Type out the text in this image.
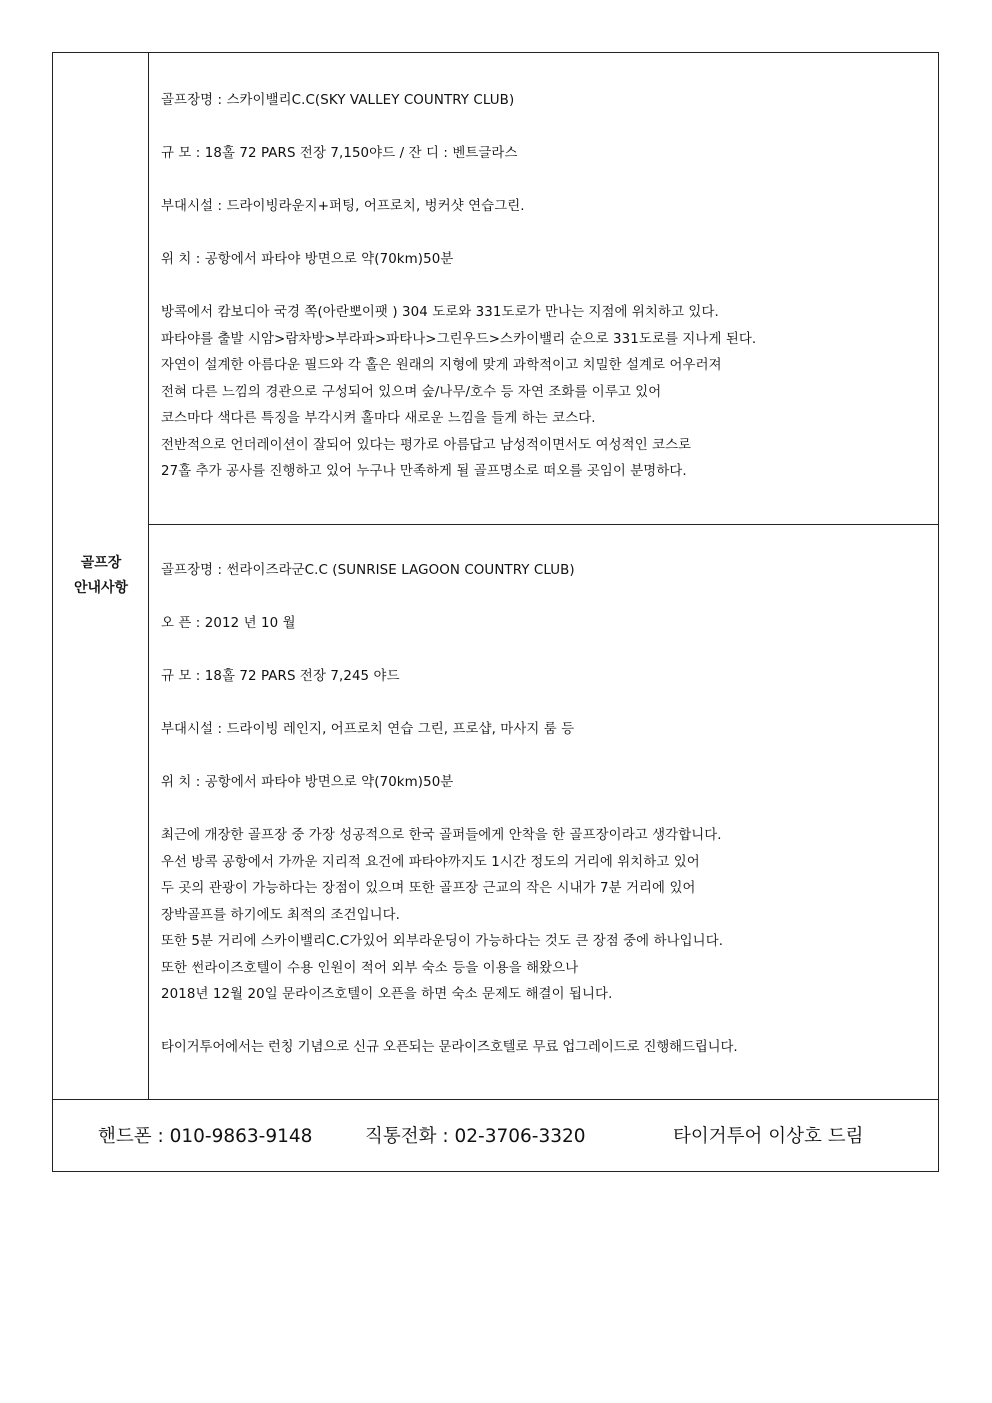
골프장
안내사항
골프장명 : 스카이밸리C.C(SKY VALLEY COUNTRY CLUB)
규 모 : 18홀 72 PARS 전장 7,150야드 / 잔 디 : 벤트글라스
부대시설 : 드라이빙라운지+퍼팅, 어프로치, 벙커샷 연습그린.
위 치 : 공항에서 파타야 방면으로 약(70km)50분
방콕에서 캄보디아 국경 쪽(아란뽀이팻 ) 304 도로와 331도로가 만나는 지점에 위치하고 있다.
파타야를 출발 시암>람차방>부라파>파타나>그린우드>스카이밸리 순으로 331도로를 지나게 된다.
자연이 설계한 아름다운 필드와 각 홀은 원래의 지형에 맞게 과학적이고 치밀한 설계로 어우러져
전혀 다른 느낌의 경관으로 구성되어 있으며 숲/나무/호수 등 자연 조화를 이루고 있어
코스마다 색다른 특징을 부각시켜 홀마다 새로운 느낌을 들게 하는 코스다.
전반적으로 언더레이션이 잘되어 있다는 평가로 아름답고 남성적이면서도 여성적인 코스로
27홀 추가 공사를 진행하고 있어 누구나 만족하게 될 골프명소로 떠오를 곳임이 분명하다.
골프장명 : 썬라이즈라군C.C (SUNRISE LAGOON COUNTRY CLUB)
오 픈 : 2012 년 10 월
규 모 : 18홀 72 PARS 전장 7,245 야드
부대시설 : 드라이빙 레인지, 어프로치 연습 그린, 프로샵, 마사지 룸 등
위 치 : 공항에서 파타야 방면으로 약(70km)50분
최근에 개장한 골프장 중 가장 성공적으로 한국 골퍼들에게 안착을 한 골프장이라고 생각합니다.
우선 방콕 공항에서 가까운 지리적 요건에 파타야까지도 1시간 정도의 거리에 위치하고 있어
두 곳의 관광이 가능하다는 장점이 있으며 또한 골프장 근교의 작은 시내가 7분 거리에 있어
장박골프를 하기에도 최적의 조건입니다.
또한 5분 거리에 스카이밸리C.C가있어 외부라운딩이 가능하다는 것도 큰 장점 중에 하나입니다.
또한 썬라이즈호텔이 수용 인원이 적어 외부 숙소 등을 이용을 해왔으나
2018년 12월 20일 문라이즈호텔이 오픈을 하면 숙소 문제도 해결이 됩니다.
타이거투어에서는 런칭 기념으로 신규 오픈되는 문라이즈호텔로 무료 업그레이드로 진행해드립니다.
핸드폰 : 010-9863-9148	직통전화 : 02-3706-3320	타이거투어 이상호 드림
